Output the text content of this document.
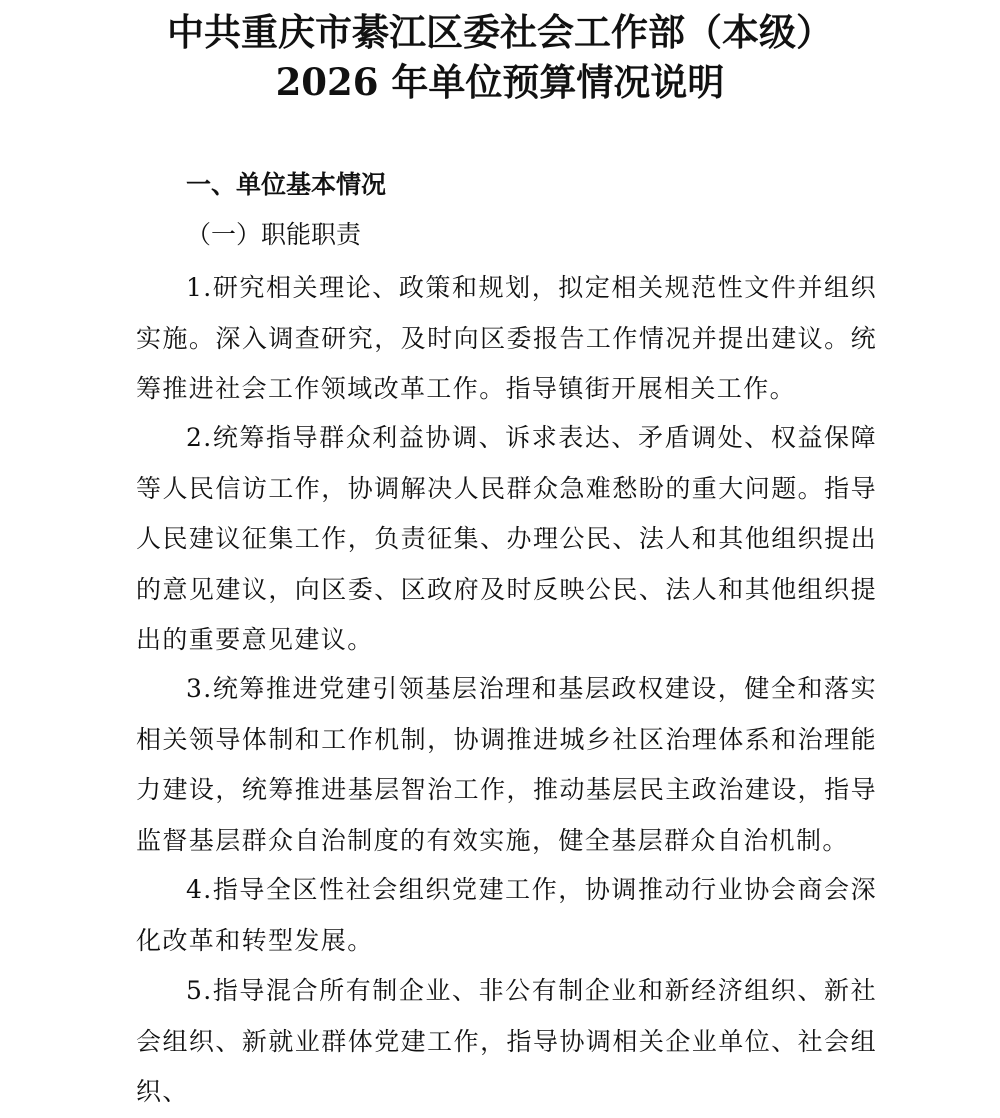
中共重庆市綦江区委社会工作部（本级）
2026 年单位预算情况说明
一、单位基本情况
（一）职能职责

1.研究相关理论、政策和规划，拟定相关规范性文件并组织实施。深入调查研究，及时向区委报告工作情况并提出建议。统筹推进社会工作领域改革工作。指导镇街开展相关工作。

2.统筹指导群众利益协调、诉求表达、矛盾调处、权益保障等人民信访工作，协调解决人民群众急难愁盼的重大问题。指导人民建议征集工作，负责征集、办理公民、法人和其他组织提出的意见建议，向区委、区政府及时反映公民、法人和其他组织提出的重要意见建议。

3.统筹推进党建引领基层治理和基层政权建设，健全和落实相关领导体制和工作机制，协调推进城乡社区治理体系和治理能力建设，统筹推进基层智治工作，推动基层民主政治建设，指导监督基层群众自治制度的有效实施，健全基层群众自治机制。

4.指导全区性社会组织党建工作，协调推动行业协会商会深化改革和转型发展。

5.指导混合所有制企业、非公有制企业和新经济组织、新社会组织、新就业群体党建工作，指导协调相关企业单位、社会组织、
